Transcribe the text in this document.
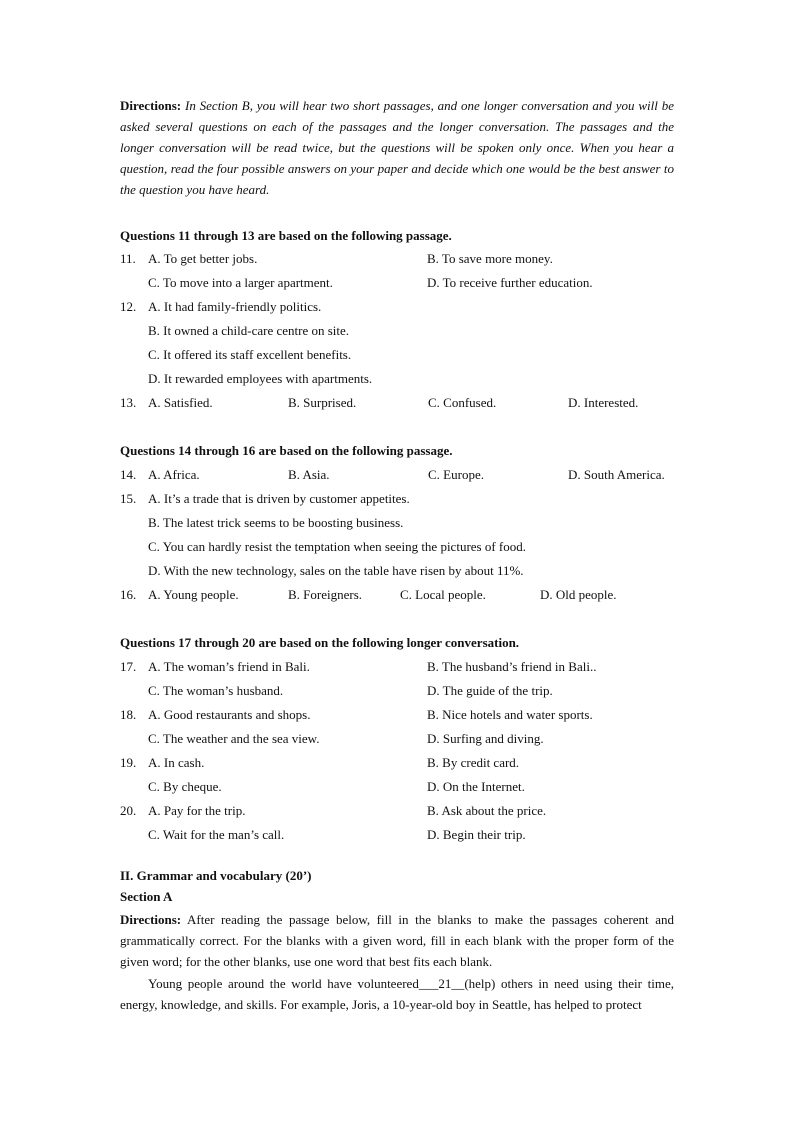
Directions: In Section B, you will hear two short passages, and one longer conversation and you will be asked several questions on each of the passages and the longer conversation. The passages and the longer conversation will be read twice, but the questions will be spoken only once. When you hear a question, read the four possible answers on your paper and decide which one would be the best answer to the question you have heard.
Questions 11 through 13 are based on the following passage.
11. A. To get better jobs.	B. To save more money.
C. To move into a larger apartment.	D. To receive further education.
12. A. It had family-friendly politics.
B. It owned a child-care centre on site.
C. It offered its staff excellent benefits.
D. It rewarded employees with apartments.
13. A. Satisfied.	B. Surprised.	C. Confused.	D. Interested.
Questions 14 through 16 are based on the following passage.
14. A. Africa.	B. Asia.	C. Europe.	D. South America.
15. A. It’s a trade that is driven by customer appetites.
B. The latest trick seems to be boosting business.
C. You can hardly resist the temptation when seeing the pictures of food.
D. With the new technology, sales on the table have risen by about 11%.
16. A. Young people.	B. Foreigners.	C. Local people.	D. Old people.
Questions 17 through 20 are based on the following longer conversation.
17. A. The woman’s friend in Bali.	B. The husband’s friend in Bali..
C. The woman’s husband.	D. The guide of the trip.
18. A. Good restaurants and shops.	B. Nice hotels and water sports.
C. The weather and the sea view.	D. Surfing and diving.
19. A. In cash.	B. By credit card.
C. By cheque.	D. On the Internet.
20. A. Pay for the trip.	B. Ask about the price.
C. Wait for the man’s call.	D. Begin their trip.
II. Grammar and vocabulary (20’)
Section A
Directions: After reading the passage below, fill in the blanks to make the passages coherent and grammatically correct. For the blanks with a given word, fill in each blank with the proper form of the given word; for the other blanks, use one word that best fits each blank.
Young people around the world have volunteered___21__(help) others in need using their time, energy, knowledge, and skills. For example, Joris, a 10-year-old boy in Seattle, has helped to protect
